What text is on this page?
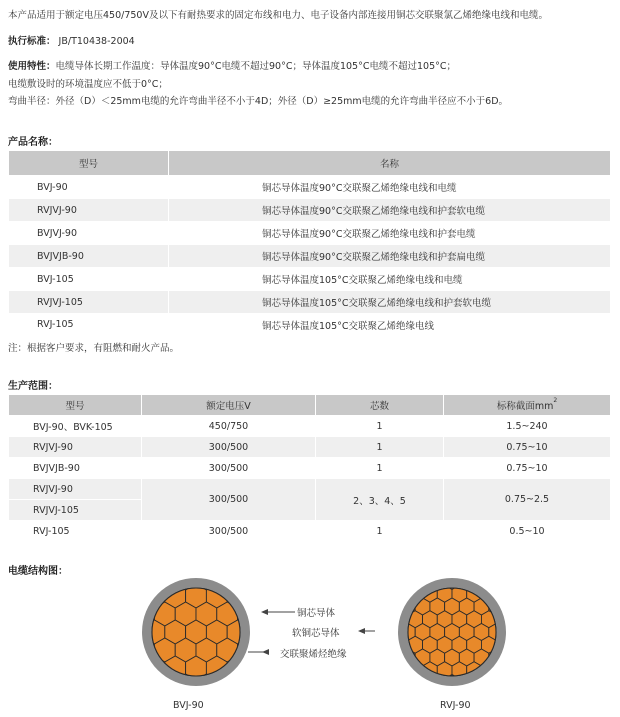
本产品适用于额定电压450/750V及以下有耐热要求的固定布线和电力、电子设备内部连接用铜芯交联聚氯乙烯绝缘电线和电缆。
执行标准： JB/T10438-2004
使用特性：电缆导体长期工作温度：导体温度90°C电缆不超过90°C；导体温度105°C电缆不超过105°C；
电缆敷设时的环境温度应不低于0°C；
弯曲半径：外径（D）＜25mm电缆的允许弯曲半径不小于4D；外径（D）≥25mm电缆的允许弯曲半径应不小于6D。
产品名称：
型号	名称
BVJ-90	铜芯导体温度90°C交联聚乙烯绝缘电线和电缆
RVJVJ-90	铜芯导体温度90°C交联聚乙烯绝缘电线和护套软电缆
BVJVJ-90	铜芯导体温度90°C交联聚乙烯绝缘电线和护套电缆
BVJVJB-90	铜芯导体温度90°C交联聚乙烯绝缘电线和护套扁电缆
BVJ-105	铜芯导体温度105°C交联聚乙烯绝缘电线和电缆
RVJVJ-105	铜芯导体温度105°C交联聚乙烯绝缘电线和护套软电缆
RVJ-105	铜芯导体温度105°C交联聚乙烯绝缘电线
注：根据客户要求，有阻燃和耐火产品。
生产范围：
型号	额定电压V	芯数	标称截面$mm^2$
BVJ-90、BVK-105	450/750	1	1.5~240
RVJVJ-90	300/500	1	0.75~10
BVJVJB-90	300/500	1	0.75~10
RVJVJ-90	300/500	2、3、4、5	0.75~2.5
RVJVJ-105			
RVJ-105	300/500	1	0.5~10
电缆结构图：
铜芯导体
软铜芯导体
交联聚烯烃绝缘
BVJ-90	RVJ-90
